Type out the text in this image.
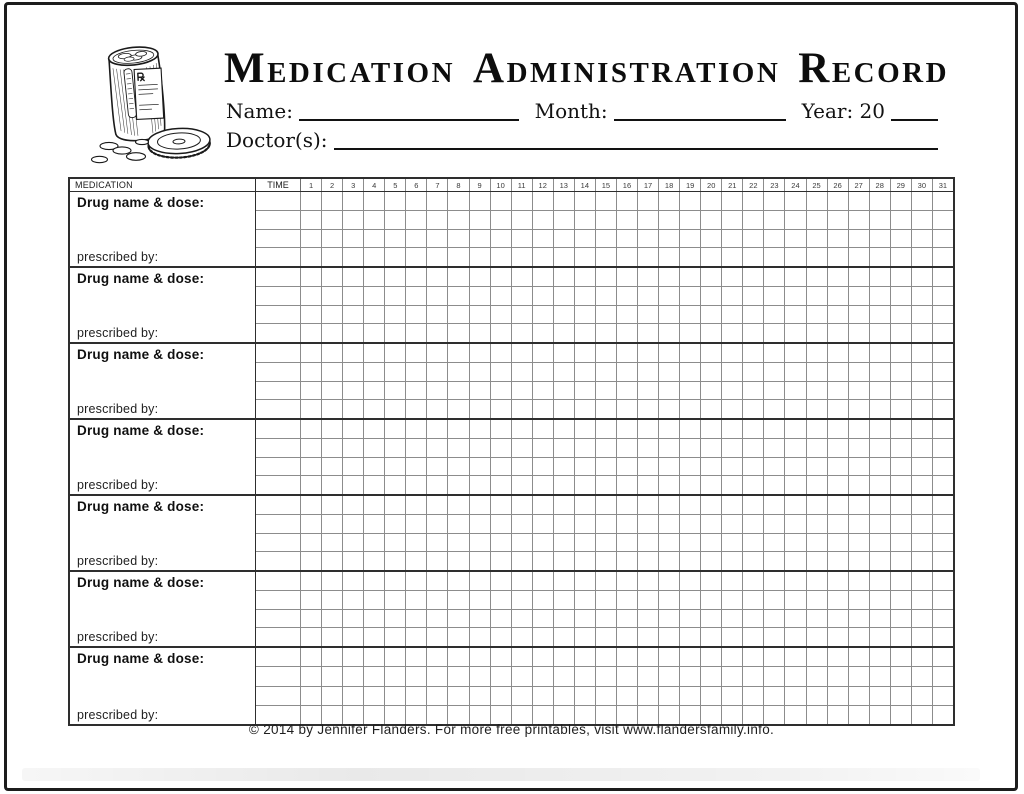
MEDICATION ADMINISTRATION RECORD
Name:	Month:	Year: 20
Doctor(s):
MEDICATION	TIME	1	2	3	4	5	6	7	8	9	10	11	12	13	14	15	16	17	18	19	20	21	22	23	24	25	26	27	28	29	30	31
Drug name & dose:
prescribed by:
Drug name & dose:
prescribed by:
Drug name & dose:
prescribed by:
Drug name & dose:
prescribed by:
Drug name & dose:
prescribed by:
Drug name & dose:
prescribed by:
Drug name & dose:
prescribed by:
© 2014 by Jennifer Flanders. For more free printables, visit www.flandersfamily.info.
